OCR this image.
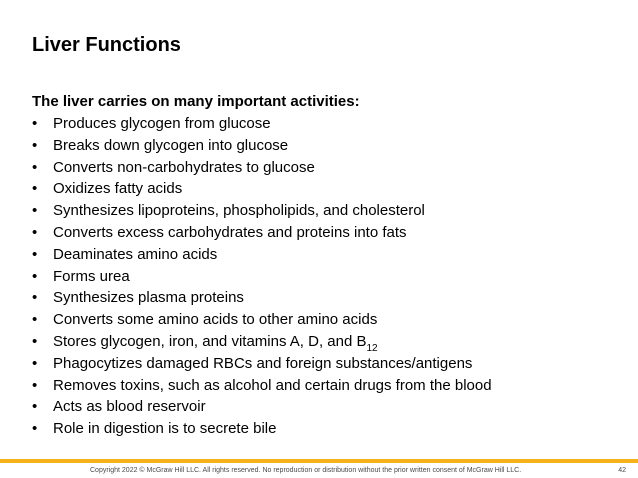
Liver Functions
The liver carries on many important activities:
• Produces glycogen from glucose
• Breaks down glycogen into glucose
• Converts non-carbohydrates to glucose
• Oxidizes fatty acids
• Synthesizes lipoproteins, phospholipids, and cholesterol
• Converts excess carbohydrates and proteins into fats
• Deaminates amino acids
• Forms urea
• Synthesizes plasma proteins
• Converts some amino acids to other amino acids
• Stores glycogen, iron, and vitamins A, D, and $B_{12}$
• Phagocytizes damaged RBCs and foreign substances/antigens
• Removes toxins, such as alcohol and certain drugs from the blood
• Acts as blood reservoir
• Role in digestion is to secrete bile
Copyright 2022 © McGraw Hill LLC. All rights reserved. No reproduction or distribution without the prior written consent of McGraw Hill LLC.	42
